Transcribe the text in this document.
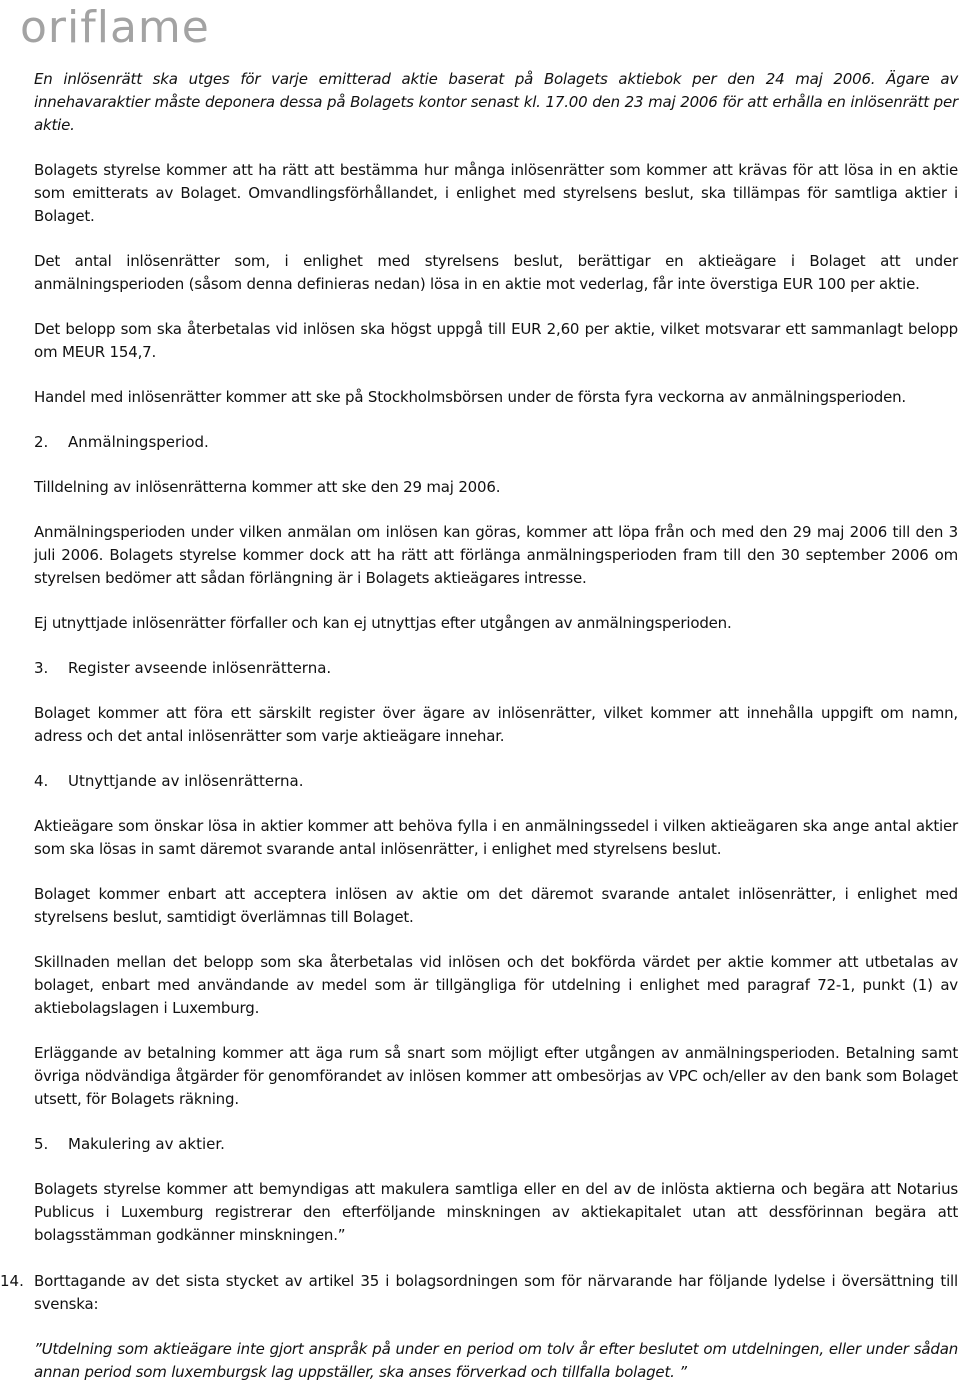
oriflame

En inlösenrätt ska utges för varje emitterad aktie baserat på Bolagets aktiebok per den 24 maj 2006. Ägare av innehavaraktier måste deponera dessa på Bolagets kontor senast kl. 17.00 den 23 maj 2006 för att erhålla en inlösenrätt per aktie.

Bolagets styrelse kommer att ha rätt att bestämma hur många inlösenrätter som kommer att krävas för att lösa in en aktie som emitterats av Bolaget. Omvandlingsförhållandet, i enlighet med styrelsens beslut, ska tillämpas för samtliga aktier i Bolaget.

Det antal inlösenrätter som, i enlighet med styrelsens beslut, berättigar en aktieägare i Bolaget att under anmälningsperioden (såsom denna definieras nedan) lösa in en aktie mot vederlag, får inte överstiga EUR 100 per aktie.

Det belopp som ska återbetalas vid inlösen ska högst uppgå till EUR 2,60 per aktie, vilket motsvarar ett sammanlagt belopp om MEUR 154,7.

Handel med inlösenrätter kommer att ske på Stockholmsbörsen under de första fyra veckorna av anmälningsperioden.

2.	Anmälningsperiod.

Tilldelning av inlösenrätterna kommer att ske den 29 maj 2006.

Anmälningsperioden under vilken anmälan om inlösen kan göras, kommer att löpa från och med den 29 maj 2006 till den 3 juli 2006. Bolagets styrelse kommer dock att ha rätt att förlänga anmälningsperioden fram till den 30 september 2006 om styrelsen bedömer att sådan förlängning är i Bolagets aktieägares intresse.

Ej utnyttjade inlösenrätter förfaller och kan ej utnyttjas efter utgången av anmälningsperioden.

3.	Register avseende inlösenrätterna.

Bolaget kommer att föra ett särskilt register över ägare av inlösenrätter, vilket kommer att innehålla uppgift om namn, adress och det antal inlösenrätter som varje aktieägare innehar.

4.	Utnyttjande av inlösenrätterna.

Aktieägare som önskar lösa in aktier kommer att behöva fylla i en anmälningssedel i vilken aktieägaren ska ange antal aktier som ska lösas in samt däremot svarande antal inlösenrätter, i enlighet med styrelsens beslut.

Bolaget kommer enbart att acceptera inlösen av aktie om det däremot svarande antalet inlösenrätter, i enlighet med styrelsens beslut, samtidigt överlämnas till Bolaget.

Skillnaden mellan det belopp som ska återbetalas vid inlösen och det bokförda värdet per aktie kommer att utbetalas av bolaget, enbart med användande av medel som är tillgängliga för utdelning i enlighet med paragraf 72-1, punkt (1) av aktiebolagslagen i Luxemburg.

Erläggande av betalning kommer att äga rum så snart som möjligt efter utgången av anmälningsperioden. Betalning samt övriga nödvändiga åtgärder för genomförandet av inlösen kommer att ombesörjas av VPC och/eller av den bank som Bolaget utsett, för Bolagets räkning.

5.	Makulering av aktier.

Bolagets styrelse kommer att bemyndigas att makulera samtliga eller en del av de inlösta aktierna och begära att Notarius Publicus i Luxemburg registrerar den efterföljande minskningen av aktiekapitalet utan att dessförinnan begära att bolagsstämman godkänner minskningen.”

14. Borttagande av det sista stycket av artikel 35 i bolagsordningen som för närvarande har följande lydelse i översättning till svenska:

”Utdelning som aktieägare inte gjort anspråk på under en period om tolv år efter beslutet om utdelningen, eller under sådan annan period som luxemburgsk lag uppställer, ska anses förverkad och tillfalla bolaget. ”
